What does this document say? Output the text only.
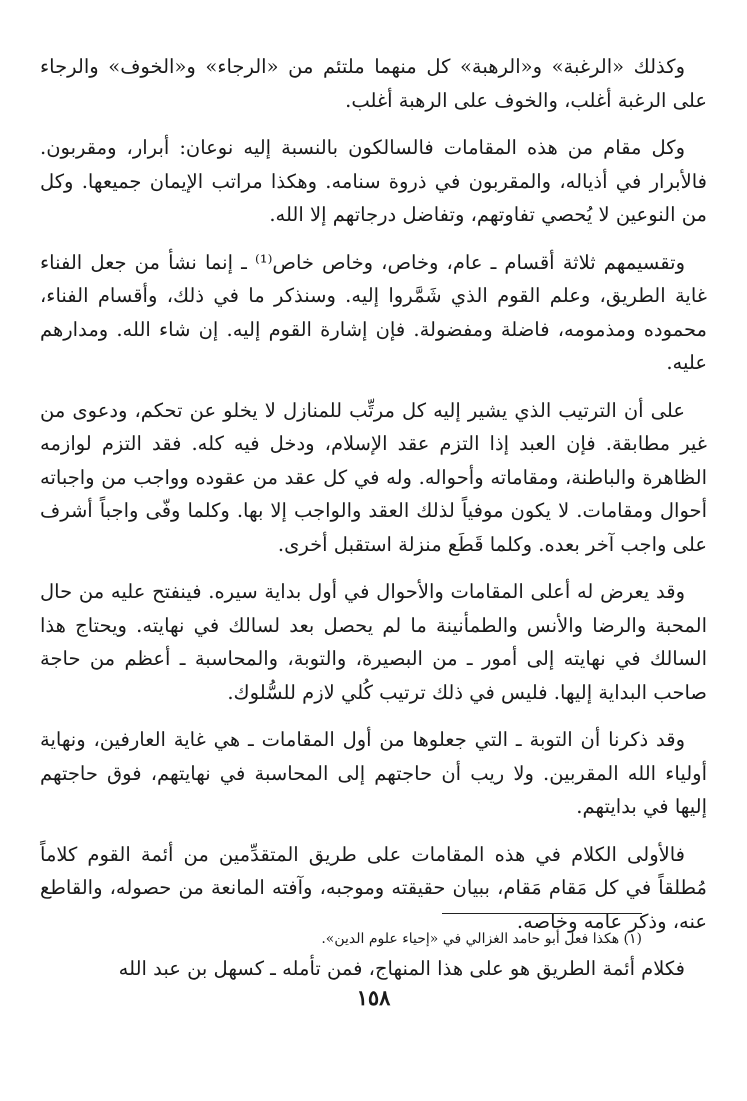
وكذلك «الرغبة» و«الرهبة» كل منهما ملتئم من «الرجاء» و«الخوف» والرجاء على الرغبة أغلب، والخوف على الرهبة أغلب.

وكل مقام من هذه المقامات فالسالكون بالنسبة إليه نوعان: أبرار، ومقربون. فالأبرار في أذياله، والمقربون في ذروة سنامه. وهكذا مراتب الإيمان جميعها. وكل من النوعين لا يُحصي تفاوتهم، وتفاضل درجاتهم إلا الله.

وتقسيمهم ثلاثة أقسام ـ عام، وخاص، وخاص خاص⁽¹⁾ ـ إنما نشأ من جعل الفناء غاية الطريق، وعلم القوم الذي شَمَّروا إليه. وسنذكر ما في ذلك، وأقسام الفناء، محموده ومذمومه، فاضلة ومفضولة. فإن إشارة القوم إليه. إن شاء الله. ومدارهم عليه.

على أن الترتيب الذي يشير إليه كل مرتِّب للمنازل لا يخلو عن تحكم، ودعوى من غير مطابقة. فإن العبد إذا التزم عقد الإسلام، ودخل فيه كله. فقد التزم لوازمه الظاهرة والباطنة، ومقاماته وأحواله. وله في كل عقد من عقوده وواجب من واجباته أحوال ومقامات. لا يكون موفياً لذلك العقد والواجب إلا بها. وكلما وفّى واجباً أشرف على واجب آخر بعده. وكلما قَطَع منزلة استقبل أخرى.

وقد يعرض له أعلى المقامات والأحوال في أول بداية سيره. فينفتح عليه من حال المحبة والرضا والأنس والطمأنينة ما لم يحصل بعد لسالك في نهايته. ويحتاج هذا السالك في نهايته إلى أمور ـ من البصيرة، والتوبة، والمحاسبة ـ أعظم من حاجة صاحب البداية إليها. فليس في ذلك ترتيب كُلي لازم للسُّلوك.

وقد ذكرنا أن التوبة ـ التي جعلوها من أول المقامات ـ هي غاية العارفين، ونهاية أولياء الله المقربين. ولا ريب أن حاجتهم إلى المحاسبة في نهايتهم، فوق حاجتهم إليها في بدايتهم.

فالأولى الكلام في هذه المقامات على طريق المتقدِّمين من أئمة القوم كلاماً مُطلقاً في كل مَقام مَقام، ببيان حقيقته وموجبه، وآفته المانعة من حصوله، والقاطع عنه، وذكر عامه وخاصه.

فكلام أئمة الطريق هو على هذا المنهاج، فمن تأمله ـ كسهل بن عبد الله

(١) هكذا فعل أبو حامد الغزالي في «إحياء علوم الدين».
١٥٨
